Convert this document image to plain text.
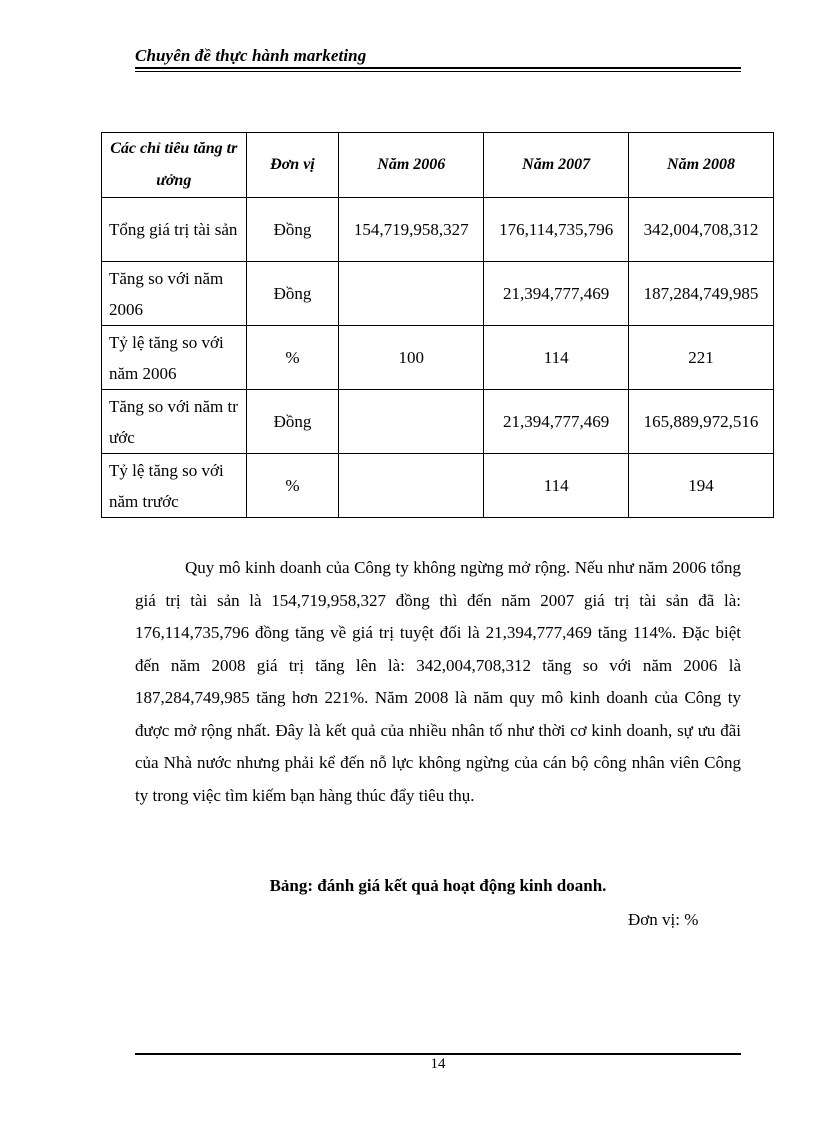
Chuyên đề thực hành marketing
Các chỉ tiêu tăng tr ưởng	Đơn vị	Năm 2006	Năm 2007	Năm 2008
Tổng giá trị tài sản	Đồng	154,719,958,327	176,114,735,796	342,004,708,312
Tăng so với năm 2006	Đồng		21,394,777,469	187,284,749,985
Tỷ lệ tăng so với năm 2006	%	100	114	221
Tăng so với năm tr ước	Đồng		21,394,777,469	165,889,972,516
Tỷ lệ tăng so với năm trước	%		114	194

Quy mô kinh doanh của Công ty không ngừng mở rộng. Nếu như năm 2006 tổng giá trị tài sản là 154,719,958,327 đồng thì đến năm 2007 giá trị tài sản đã là: 176,114,735,796 đồng tăng về giá trị tuyệt đối là 21,394,777,469 tăng 114%. Đặc biệt đến năm 2008 giá trị tăng lên là: 342,004,708,312 tăng so với năm 2006 là 187,284,749,985 tăng hơn 221%. Năm 2008 là năm quy mô kinh doanh của Công ty được mở rộng nhất. Đây là kết quả của nhiều nhân tố như thời cơ kinh doanh, sự ưu đãi của Nhà nước nhưng phải kể đến nỗ lực không ngừng của cán bộ công nhân viên Công ty trong việc tìm kiếm bạn hàng thúc đẩy tiêu thụ.

Bảng: đánh giá kết quả hoạt động kinh doanh.
Đơn vị: %
14
